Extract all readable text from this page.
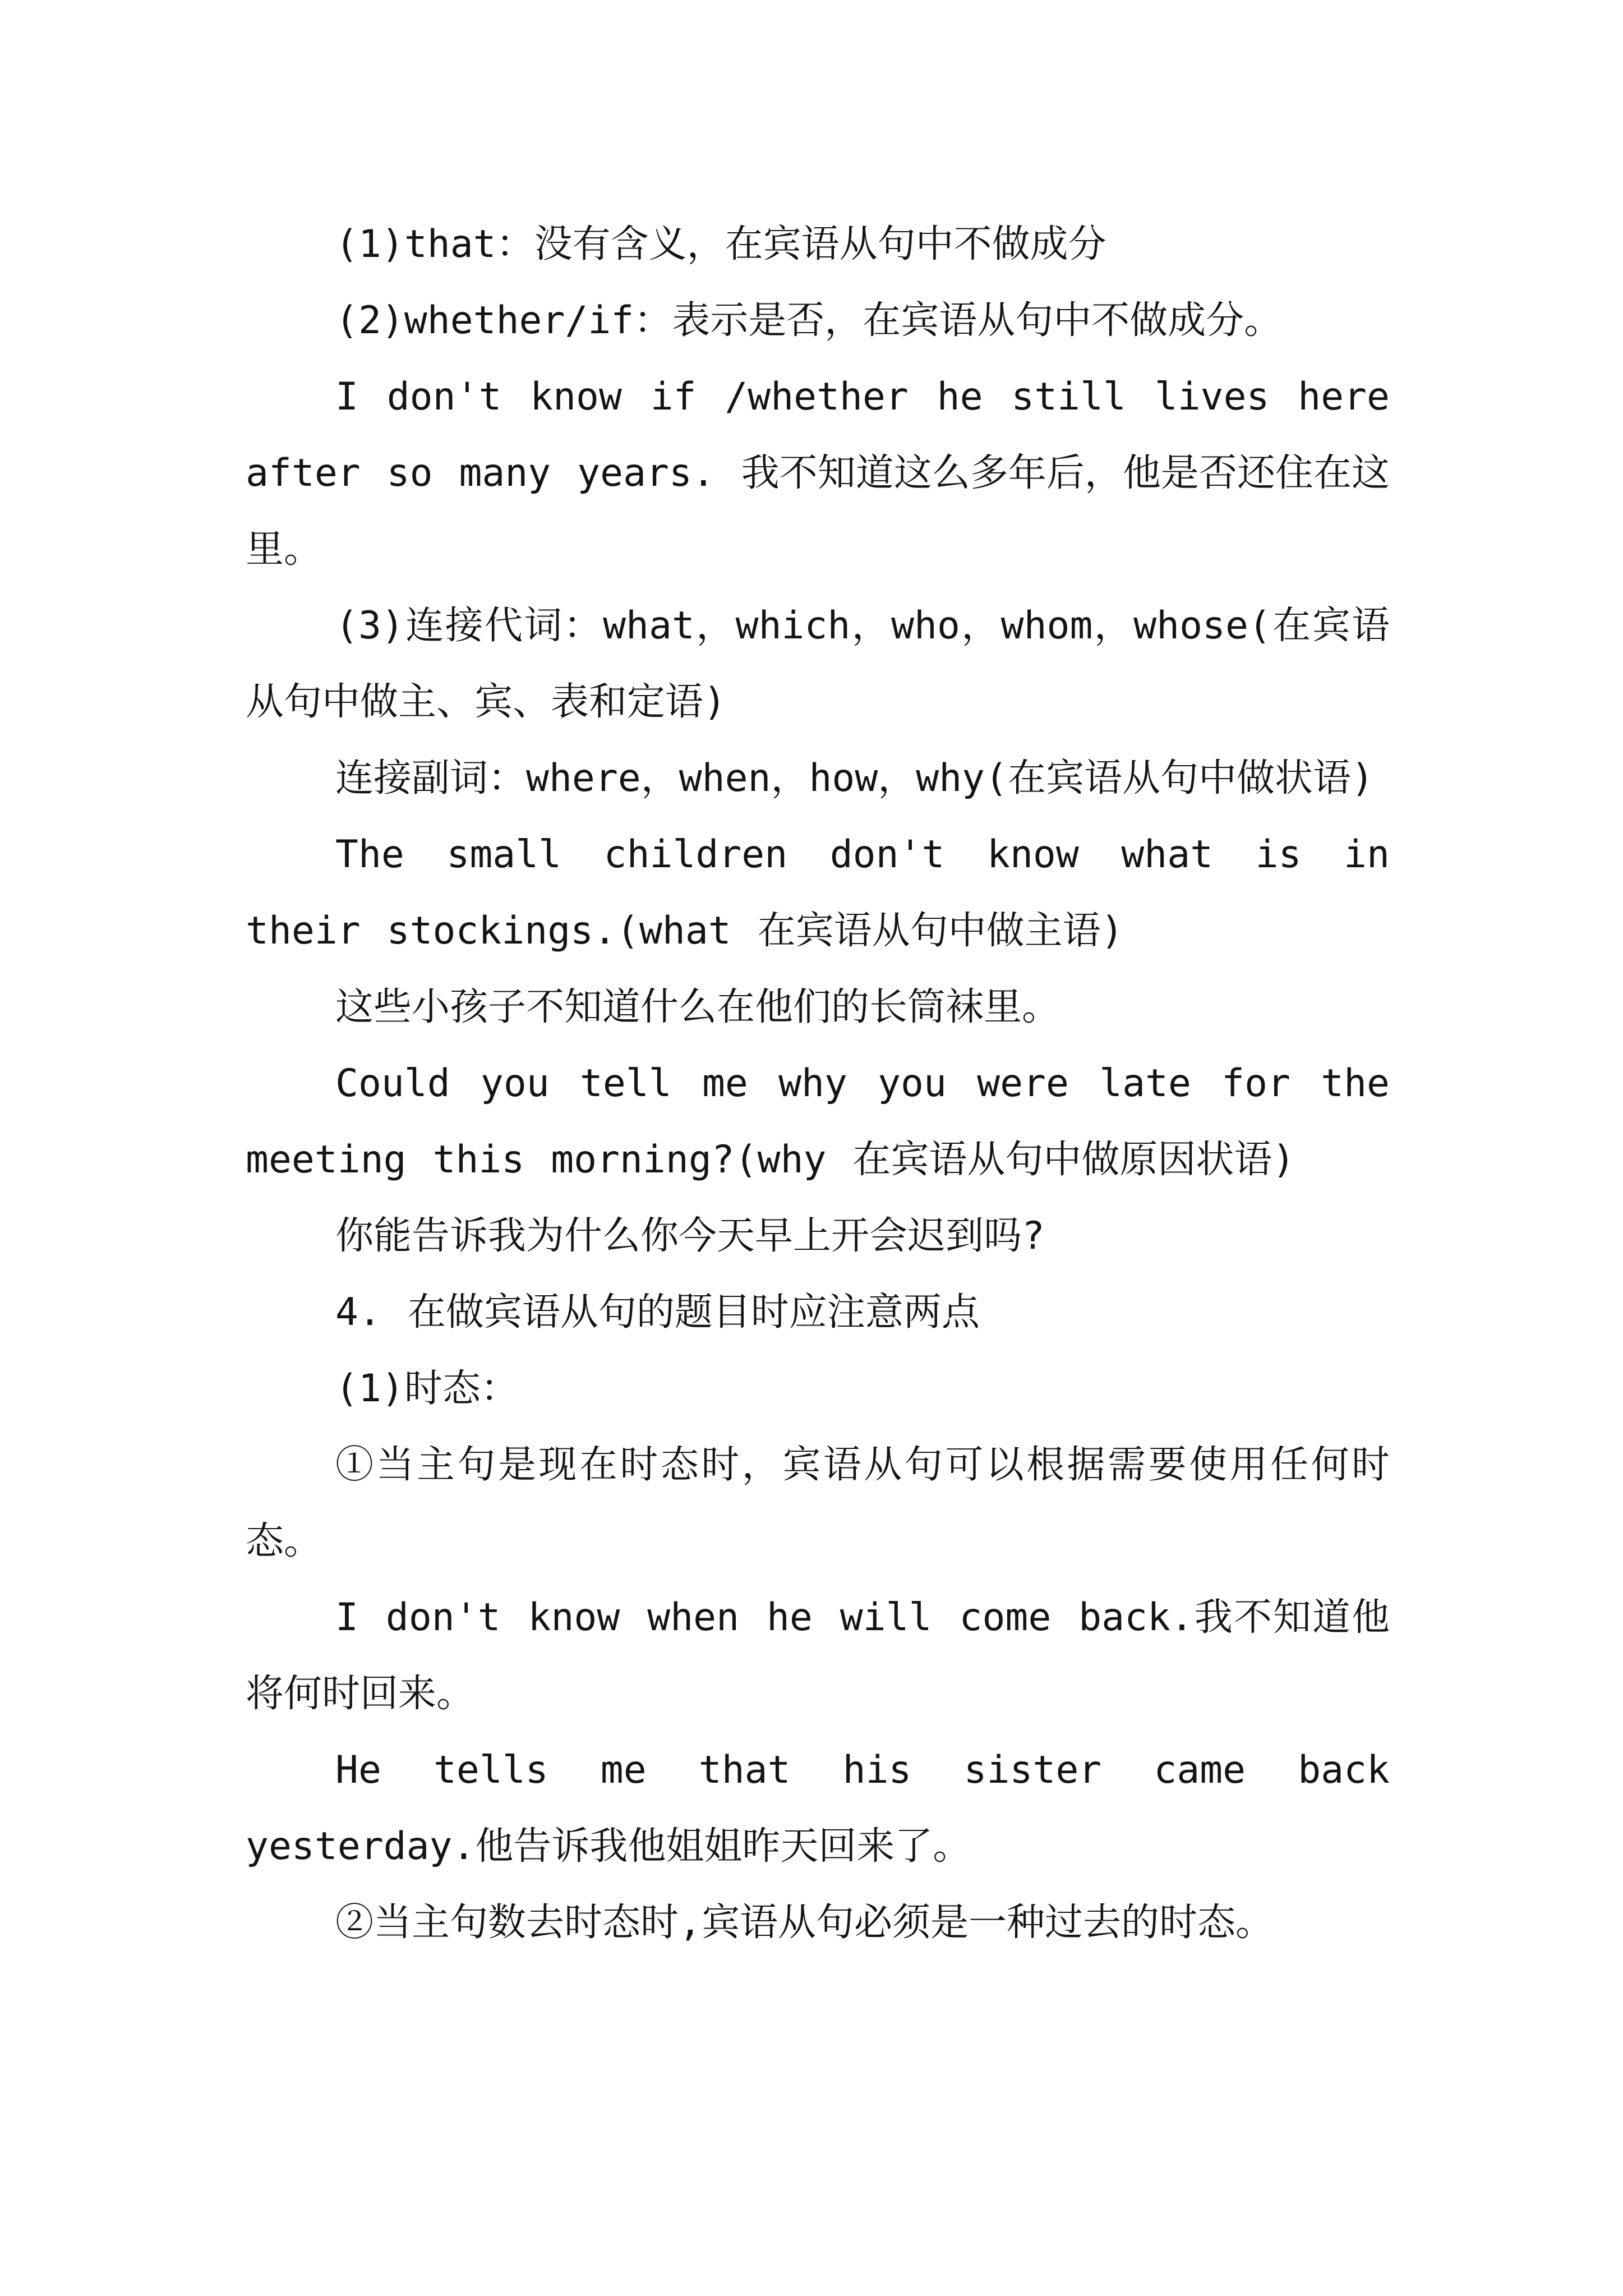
(1)that：没有含义，在宾语从句中不做成分

(2)whether/if：表示是否，在宾语从句中不做成分。

I don't know if /whether he still lives here after so many years. 我不知道这么多年后，他是否还住在这里。

(3)连接代词：what，which，who，whom，whose(在宾语从句中做主、宾、表和定语)

连接副词：where，when，how，why(在宾语从句中做状语)

The small children don't know what is in their stockings.(what 在宾语从句中做主语)

这些小孩子不知道什么在他们的长筒袜里。

Could you tell me why you were late for the meeting this morning?(why 在宾语从句中做原因状语)

你能告诉我为什么你今天早上开会迟到吗?

4. 在做宾语从句的题目时应注意两点

(1)时态：

①当主句是现在时态时，宾语从句可以根据需要使用任何时态。

I don't know when he will come back.我不知道他将何时回来。

He tells me that his sister came back yesterday.他告诉我他姐姐昨天回来了。

②当主句数去时态时,宾语从句必须是一种过去的时态。
